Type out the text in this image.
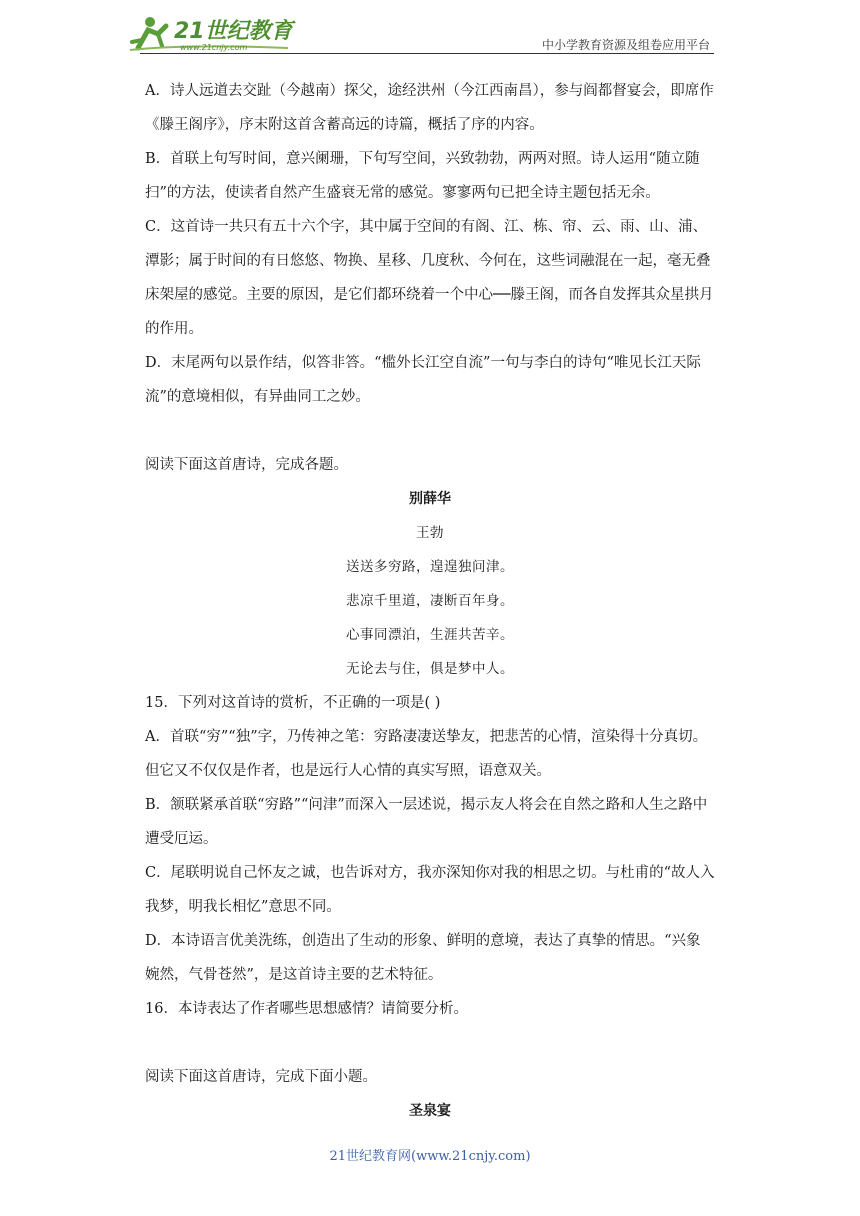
21世纪教育
www.21cnjy.com	中小学教育资源及组卷应用平台

A．诗人远道去交趾（今越南）探父，途经洪州（今江西南昌），参与阎都督宴会，即席作《滕王阁序》，序末附这首含蓄高远的诗篇，概括了序的内容。

B．首联上句写时间，意兴阑珊，下句写空间，兴致勃勃，两两对照。诗人运用“随立随扫”的方法，使读者自然产生盛衰无常的感觉。寥寥两句已把全诗主题包括无余。

C．这首诗一共只有五十六个字，其中属于空间的有阁、江、栋、帘、云、雨、山、浦、潭影；属于时间的有日悠悠、物换、星移、几度秋、今何在，这些词融混在一起，毫无叠床架屋的感觉。主要的原因，是它们都环绕着一个中心──滕王阁，而各自发挥其众星拱月的作用。

D．末尾两句以景作结，似答非答。“槛外长江空自流”一句与李白的诗句“唯见长江天际流”的意境相似，有异曲同工之妙。

阅读下面这首唐诗，完成各题。

别薛华
王勃
送送多穷路，遑遑独问津。
悲凉千里道，凄断百年身。
心事同漂泊，生涯共苦辛。
无论去与住，俱是梦中人。

15．下列对这首诗的赏析，不正确的一项是( )

A．首联“穷”“独”字，乃传神之笔：穷路凄凄送挚友，把悲苦的心情，渲染得十分真切。但它又不仅仅是作者，也是远行人心情的真实写照，语意双关。

B．颔联紧承首联“穷路”“问津”而深入一层述说，揭示友人将会在自然之路和人生之路中遭受厄运。

C．尾联明说自己怀友之诚，也告诉对方，我亦深知你对我的相思之切。与杜甫的“故人入我梦，明我长相忆”意思不同。

D．本诗语言优美洗练，创造出了生动的形象、鲜明的意境，表达了真挚的情思。“兴象婉然，气骨苍然”，是这首诗主要的艺术特征。

16．本诗表达了作者哪些思想感情？请简要分析。

阅读下面这首唐诗，完成下面小题。

圣泉宴
21世纪教育网(www.21cnjy.com)
